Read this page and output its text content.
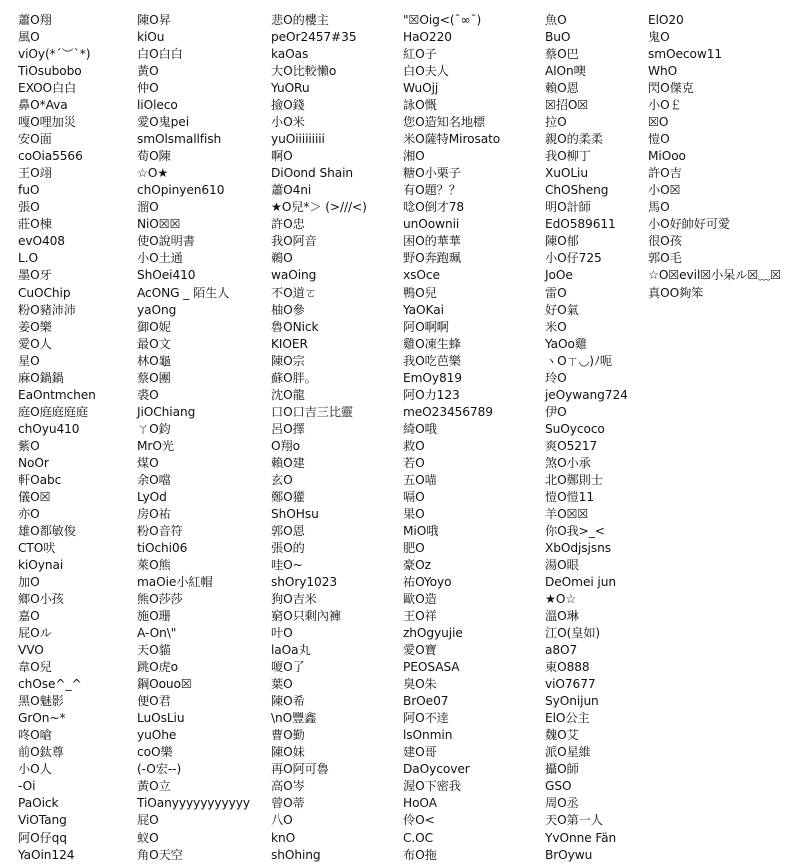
蕭O翔
風O
viOy(*´︶`*)
TiOsubobo
EXOO白白
鼻O*Ava
嘎O哩加災
安O面
coOia5566
王O翊
fuO
張O
莊O棟
evO408
L.O
墨O牙
CuOChip
粉O豬沛沛
姜O樂
愛O人
星O
麻O鍋鍋
EaOntmchen
庭O庭庭庭庭
chOyu410
紫O
NoOr
軒Oabc
儀O☒
亦O
雄O都敏俊
CTO吠
kiOynai
加O
鄉O小孩
嘉O
屁Oル
VVO
韋O兒
chOse^_^
黑O魅影
GrOn~*
咚O嗆
前O鈦尊
小O人
-Oi
PaOick
ViOTang
阿O仔qq
YaOin124
陳O昇
kiOu
白O白白
黃O
仲O
liOleco
愛O鬼pei
smOlsmallfish
荀O陳
☆O★
chOpinyen610
溜O
NiO☒☒
使O說明書
小O土通
ShOei410
AcONG _ 陌生人
yaOng
御O妮
最O文
林O龜
蔡O團
裘O
JiOChiang
ㄚO鈞
MrO光
煤O
余O噹
LyOd
房O祐
粉O音符
tiOchi06
萊O熊
maOie小紅帽
熊O莎莎
施O珊
A-On\"
天O貓
跳O虎o
鋼Oouo☒
便O君
LuOsLiu
yuOhe
coO樂
(-O宏--)
黃O立
TiOanyyyyyyyyyyy
屁O
蚁O
角O天空
悲O的樓主
peOr2457#35
kaOas
大O比較懶o
YuORu
撿O錢
小O米
yuOiiiiiiiii
啊O
DiOond Shain
蕭O4ni
★O兒*＞ (>///<)
許O忠
我O阿音
鵜O
waOing
不O道ㄛ
柚O參
魯ONick
KIOER
陳O宗
蘇O胖。
沈O龍
口O口吉三比靈
呂O擇
O翔o
賴O建
玄O
鄭O獾
ShOHsu
郭O恩
張O的
哇O~
shOry1023
狗O吉米
窮O只剩內褲
叶O
laOa丸
嗄O了
葉O
陳O希
\nO豐鑫
曹O勤
陳O妹
再O阿可魯
高O岑
曾O蒂
八O
knO
shOhing
"☒Oig<(¯∞¯)
HaO220
紅O子
白O夫人
WuOjj
詠O慨
您O造知名地標
米O薩特Mirosato
湘O
糖O小栗子
有O題？？
唸O倒才78
unOownii
困O的華華
野O奔跑珮
xsOce
鴨O兒
YaOKai
阿O啊啊
雞O凍生蜂
我O吃芭樂
EmOy819
阿O力123
meO23456789
綺O哦
救O
若O
五O喵
嗝O
果O
MiO哦
肥O
豪Oz
祐OYoyo
歐O造
王O祥
zhOgyujie
愛O寶
PEOSASA
臭O朱
BrOe07
阿O不逹
lsOnmin
建O哥
DaOycover
渥O下密我
HoOA
伶O<
C.OC
布O拖
魚O
BuO
蔡O巴
AlOn噢
賴O恩
☒招O☒
拉O
親O的柔柔
我O柳丁
XuOLiu
ChOSheng
明O計師
EdO589611
陳O郁
小O仔725
JoOe
雷O
好O氣
米O
YaOo雞
ヽOㄒ◡)ﾉ呃
玲O
jeOywang724
伊O
SuOycoco
爽O5217
煞O小承
北O鄭則士
愷O愷11
羊O☒☒
你O我>_<
XbOdjsjsns
湯O眼
DeOmei jun
★O☆
溫O琳
江O(皇如)
a8O7
東O888
viO7677
SyOnijun
ElO公主
魏O艾
派O星維
攝O師
GSO
周O丞
天O第一人
YvOnne Fän
BrOywu
ElO20
鬼O
smOecow11
WhO
閃O傑克
小O￡
☒O
愷O
MiOoo
許O吉
小O☒
馬O
小O好帥好可愛
很O孩
郭O毛
☆O☒evil☒小呆ル☒﹏☒
真OO夠笨
